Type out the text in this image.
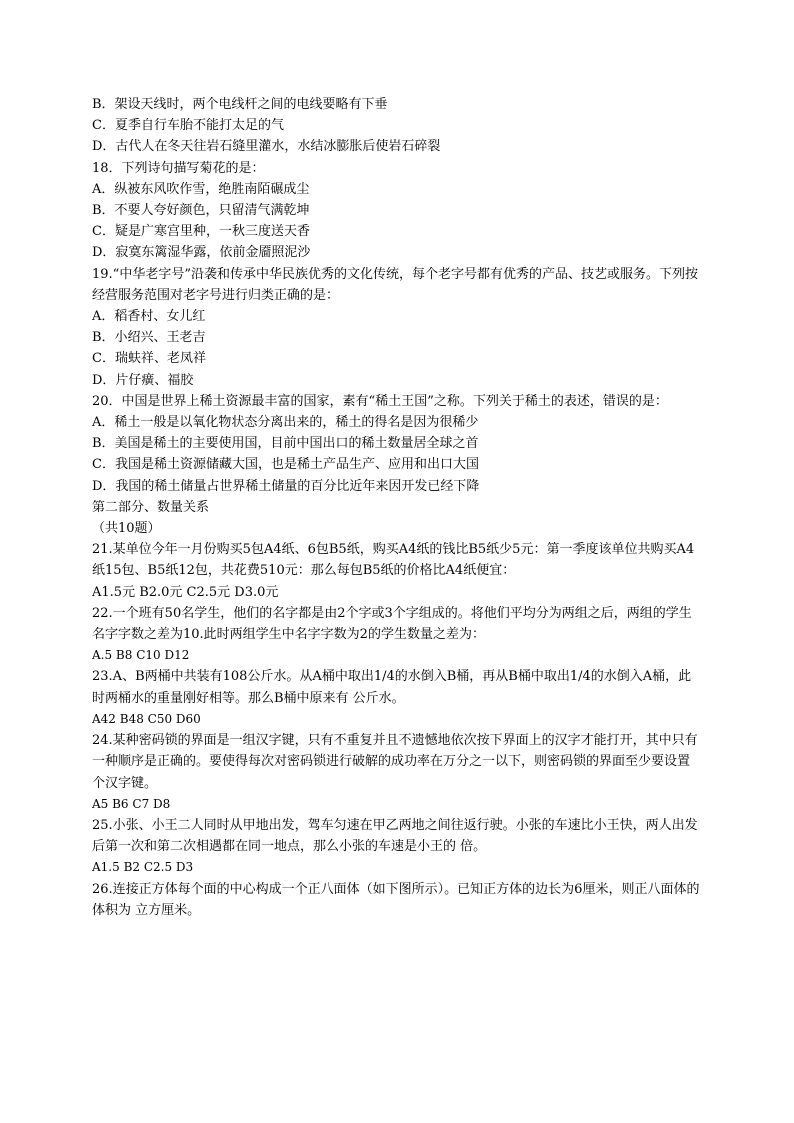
B．架设天线时，两个电线杆之间的电线要略有下垂
C．夏季自行车胎不能打太足的气
D．古代人在冬天往岩石缝里灌水，水结冰膨胀后使岩石碎裂
18．下列诗句描写菊花的是：
A．纵被东风吹作雪，绝胜南陌碾成尘
B．不要人夸好颜色，只留清气满乾坤
C．疑是广寒宫里种，一秋三度送天香
D．寂寞东篱湿华露，依前金靥照泥沙
19.“中华老字号”沿袭和传承中华民族优秀的文化传统，每个老字号都有优秀的产品、技艺或服务。下列按经营服务范围对老字号进行归类正确的是：
A．稻香村、女儿红
B．小绍兴、王老吉
C．瑞蚨祥、老凤祥
D．片仔癀、福胶
20．中国是世界上稀土资源最丰富的国家，素有“稀土王国”之称。下列关于稀土的表述，错误的是：
A．稀土一般是以氧化物状态分离出来的，稀土的得名是因为很稀少
B．美国是稀土的主要使用国，目前中国出口的稀土数量居全球之首
C．我国是稀土资源储藏大国，也是稀土产品生产、应用和出口大国
D．我国的稀土储量占世界稀土储量的百分比近年来因开发已经下降
第二部分、数量关系
（共10题）
21.某单位今年一月份购买5包A4纸、6包B5纸，购买A4纸的钱比B5纸少5元：第一季度该单位共购买A4纸15包、B5纸12包，共花费510元：那么每包B5纸的价格比A4纸便宜：
A1.5元 B2.0元 C2.5元 D3.0元
22.一个班有50名学生，他们的名字都是由2个字或3个字组成的。将他们平均分为两组之后，两组的学生名字字数之差为10.此时两组学生中名字字数为2的学生数量之差为：
A.5 B8 C10 D12
23.A、B两桶中共装有108公斤水。从A桶中取出1/4的水倒入B桶，再从B桶中取出1/4的水倒入A桶，此时两桶水的重量刚好相等。那么B桶中原来有 公斤水。
A42 B48 C50 D60
24.某种密码锁的界面是一组汉字键，只有不重复并且不遗憾地依次按下界面上的汉字才能打开，其中只有一种顺序是正确的。要使得每次对密码锁进行破解的成功率在万分之一以下，则密码锁的界面至少要设置 个汉字键。
A5 B6 C7 D8
25.小张、小王二人同时从甲地出发，驾车匀速在甲乙两地之间往返行驶。小张的车速比小王快，两人出发后第一次和第二次相遇都在同一地点，那么小张的车速是小王的 倍。
A1.5 B2 C2.5 D3
26.连接正方体每个面的中心构成一个正八面体（如下图所示）。已知正方体的边长为6厘米，则正八面体的体积为 立方厘米。
